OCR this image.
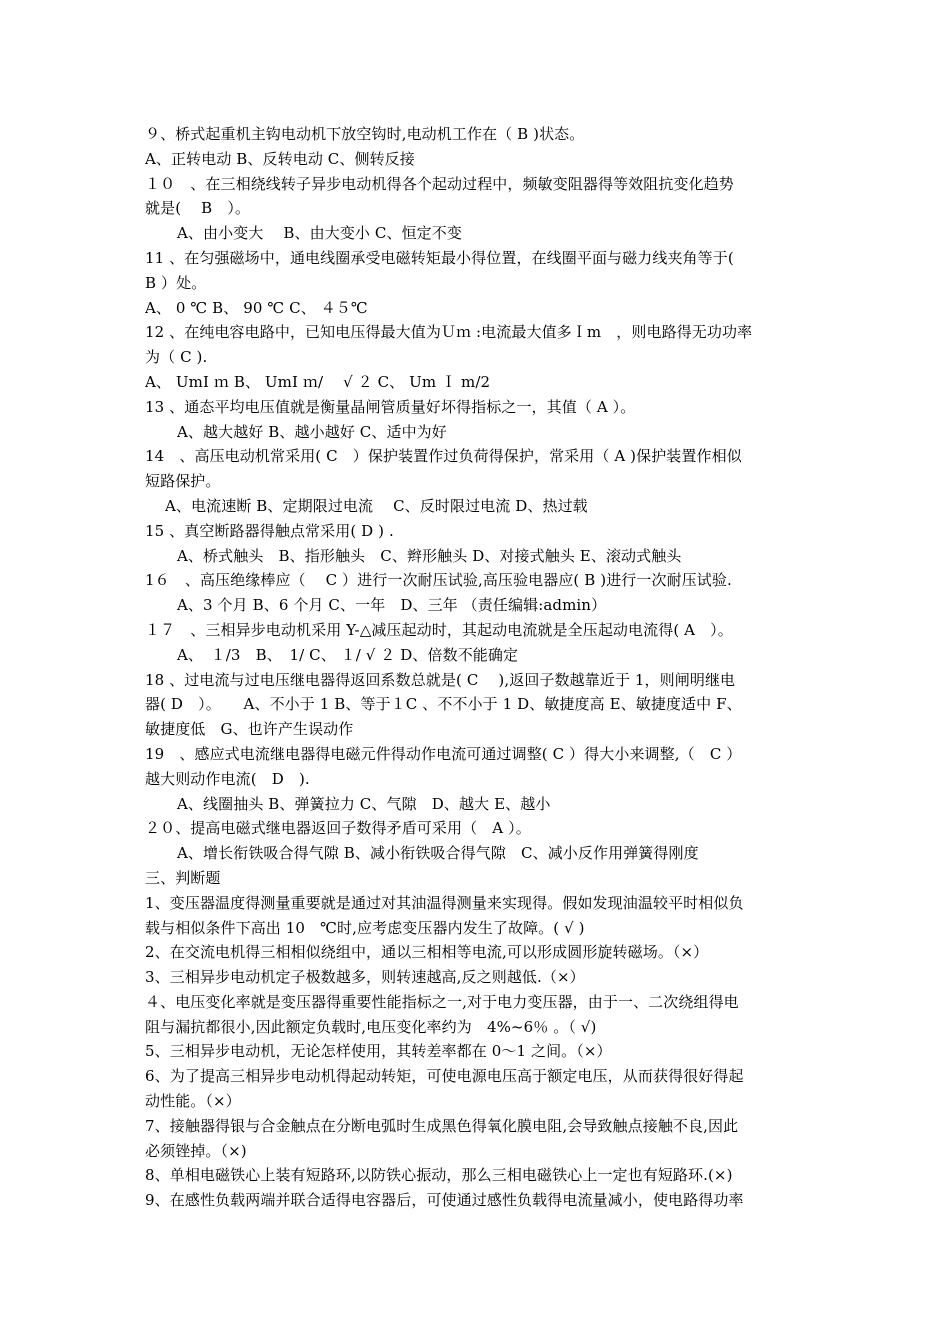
９、桥式起重机主钩电动机下放空钩时,电动机工作在（ B )状态。
A、正转电动 B、反转电动 C、侧转反接
１０　、在三相绕线转子异步电动机得各个起动过程中，频敏变阻器得等效阻抗变化趋势
就是(　 B　）。
A、由小变大　 B、由大变小 C、恒定不变
11 、在匀强磁场中，通电线圈承受电磁转矩最小得位置，在线圈平面与磁力线夹角等于(
B ）处。
A、 0 ℃ B、 90 ℃ C、 ４５℃
12 、在纯电容电路中，已知电压得最大值为Ｕｍ :电流最大值多Ｉm　，则电路得无功功率
为（ C ).
A、 UmI ｍ B、 UmI ｍ/　 √ ２ C、 Um Ｉ m/2
13 、通态平均电压值就是衡量晶闸管质量好坏得指标之一，其值（ A ）。
A、越大越好 B、越小越好 C、适中为好
14　、高压电动机常采用( C　）保护装置作过负荷得保护，常采用（ A )保护装置作相似
短路保护。
A、电流速断 B、定期限过电流　 C、反时限过电流 D、热过载
15 、真空断路器得触点常采用( D ) .
A、桥式触头　B、指形触头　C、辫形触头 D、对接式触头 E、滚动式触头
1６　、高压绝缘棒应（　 C ）进行一次耐压试验,高压验电器应( B )进行一次耐压试验.
A、3 个月 B、6 个月 C、一年　D、三年 （责任编辑:admin）
１７　、三相异步电动机采用 Y-△减压起动时，其起动电流就是全压起动电流得( A　）。
A、　１/3　B、　1/ C、 １/ √ ２ D、倍数不能确定
18 、过电流与过电压继电器得返回系数总就是( C　 ),返回子数越靠近于 1，则闸明继电
器( D　）。　　A、不小于 1 B、等于１C 、不不小于 1 D、敏捷度高 E、敏捷度适中 F、
敏捷度低　G、也许产生误动作
19　、感应式电流继电器得电磁元件得动作电流可通过调整( C ）得大小来调整,（　C ）
越大则动作电流(　D　).
A、线圈抽头 B、弹簧拉力 C、气隙　D、越大 E、越小
２０、提高电磁式继电器返回子数得矛盾可采用（　A ）。
A、增长衔铁吸合得气隙 B、减小衔铁吸合得气隙　C、减小反作用弹簧得刚度
三、判断题
1、变压器温度得测量重要就是通过对其油温得测量来实现得。假如发现油温较平时相似负
载与相似条件下高出 10　℃时,应考虑变压器内发生了故障。( √ )
2、在交流电机得三相相似绕组中，通以三相相等电流,可以形成圆形旋转磁场。（×）
3、三相异步电动机定子极数越多，则转速越高,反之则越低.（×）
４、电压变化率就是变压器得重要性能指标之一,对于电力变压器，由于一、二次绕组得电
阻与漏抗都很小,因此额定负载时,电压变化率约为　4%~6％ 。（ √)
5、三相异步电动机，无论怎样使用，其转差率都在 0～1 之间。（×）
6、为了提高三相异步电动机得起动转矩，可使电源电压高于额定电压，从而获得很好得起
动性能。（×）
7、接触器得银与合金触点在分断电弧时生成黑色得氧化膜电阻,会导致触点接触不良,因此
必须锉掉。（×)
8、单相电磁铁心上装有短路环,以防铁心振动，那么三相电磁铁心上一定也有短路环.(×)
9、在感性负载两端并联合适得电容器后，可使通过感性负载得电流量减小，使电路得功率
